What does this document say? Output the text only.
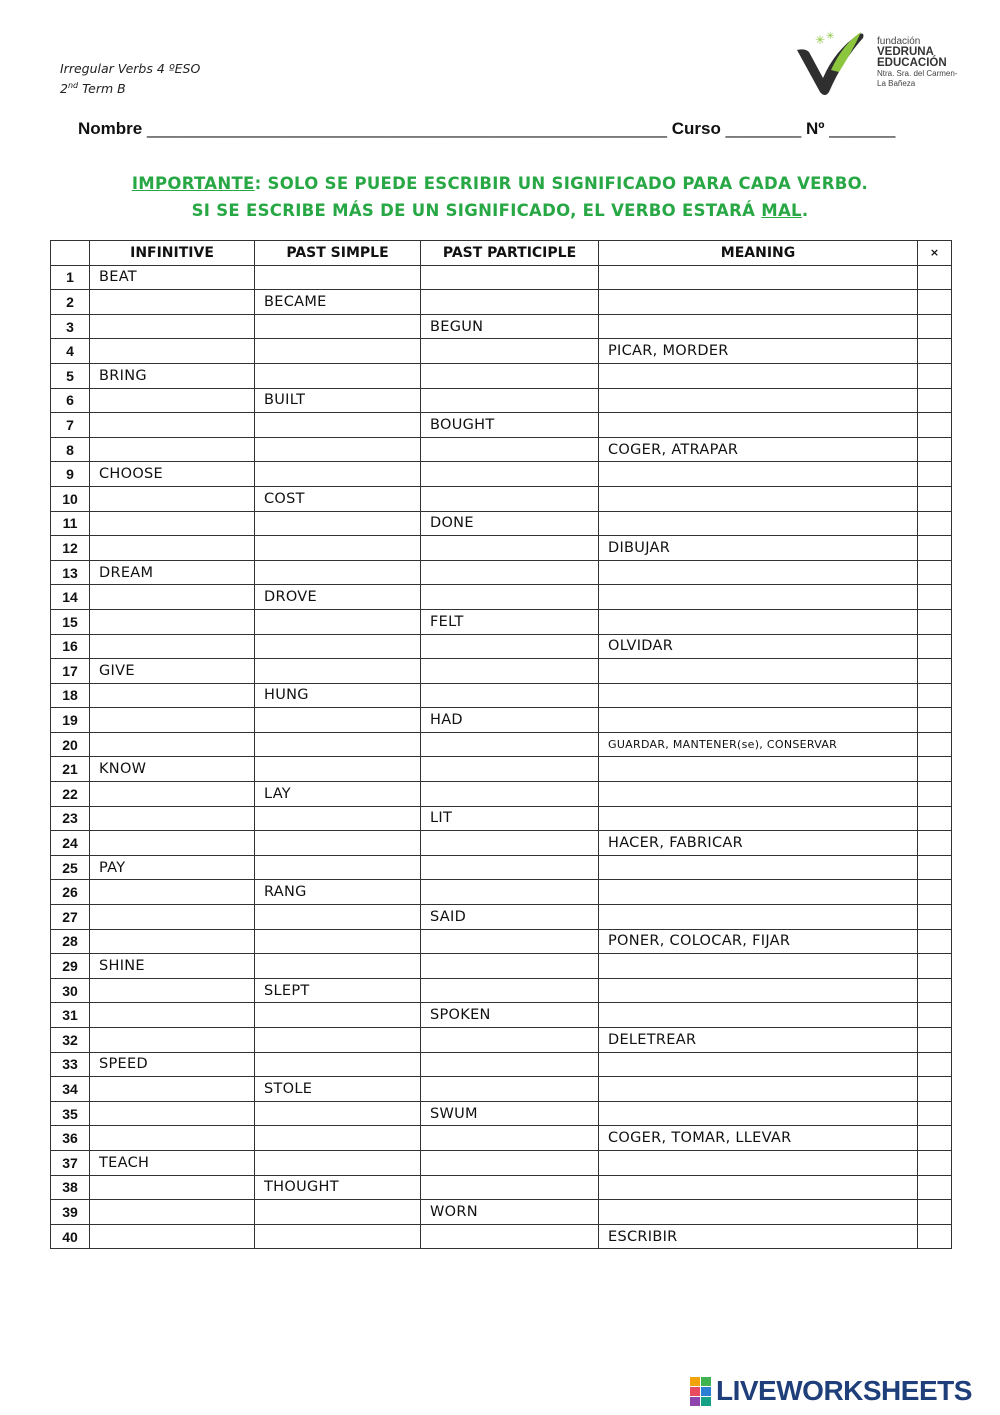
Irregular Verbs 4 ºESO
2nd Term B
✳ ✳	fundación
VEDRUNA
EDUCACIÓN
Ntra. Sra. del Carmen-
La Bañeza
Nombre _______________________________________________________ Curso ________ Nº _______
IMPORTANTE: SOLO SE PUEDE ESCRIBIR UN SIGNIFICADO PARA CADA VERBO.
SI SE ESCRIBE MÁS DE UN SIGNIFICADO, EL VERBO ESTARÁ MAL.
	INFINITIVE	PAST SIMPLE	PAST PARTICIPLE	MEANING	×
1	BEAT				
2		BECAME			
3			BEGUN		
4				PICAR, MORDER	
5	BRING				
6		BUILT			
7			BOUGHT		
8				COGER, ATRAPAR	
9	CHOOSE				
10		COST			
11			DONE		
12				DIBUJAR	
13	DREAM				
14		DROVE			
15			FELT		
16				OLVIDAR	
17	GIVE				
18		HUNG			
19			HAD		
20				GUARDAR, MANTENER(se), CONSERVAR	
21	KNOW				
22		LAY			
23			LIT		
24				HACER, FABRICAR	
25	PAY				
26		RANG			
27			SAID		
28				PONER, COLOCAR, FIJAR	
29	SHINE				
30		SLEPT			
31			SPOKEN		
32				DELETREAR	
33	SPEED				
34		STOLE			
35			SWUM		
36				COGER, TOMAR, LLEVAR	
37	TEACH				
38		THOUGHT			
39			WORN		
40				ESCRIBIR	
LIVEWORKSHEETS
